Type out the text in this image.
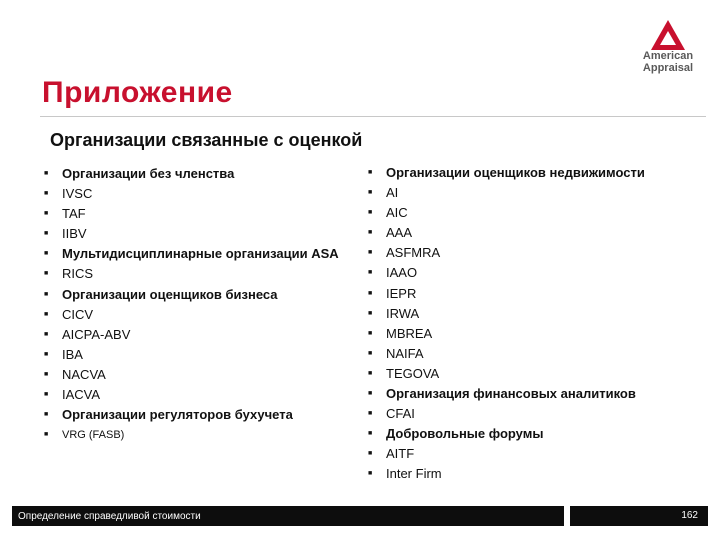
American
Appraisal
Приложение
Организации связанные с оценкой
■ Организации без членства
■ IVSC
■ TAF
■ IIBV
■ Мультидисциплинарные организации ASA
■ RICS
■ Организации оценщиков бизнеса
■ CICV
■ AICPA-ABV
■ IBA
■ NACVA
■ IACVA
■ Организации регуляторов бухучета
■ VRG (FASB)
■ Организации оценщиков недвижимости
■ AI
■ AIC
■ AAA
■ ASFMRA
■ IAAO
■ IEPR
■ IRWA
■ MBREA
■ NAIFA
■ TEGOVA
■ Организация финансовых аналитиков
■ CFAI
■ Добровольные форумы
■ AITF
■ Inter Firm
Определение справедливой стоимости	162
